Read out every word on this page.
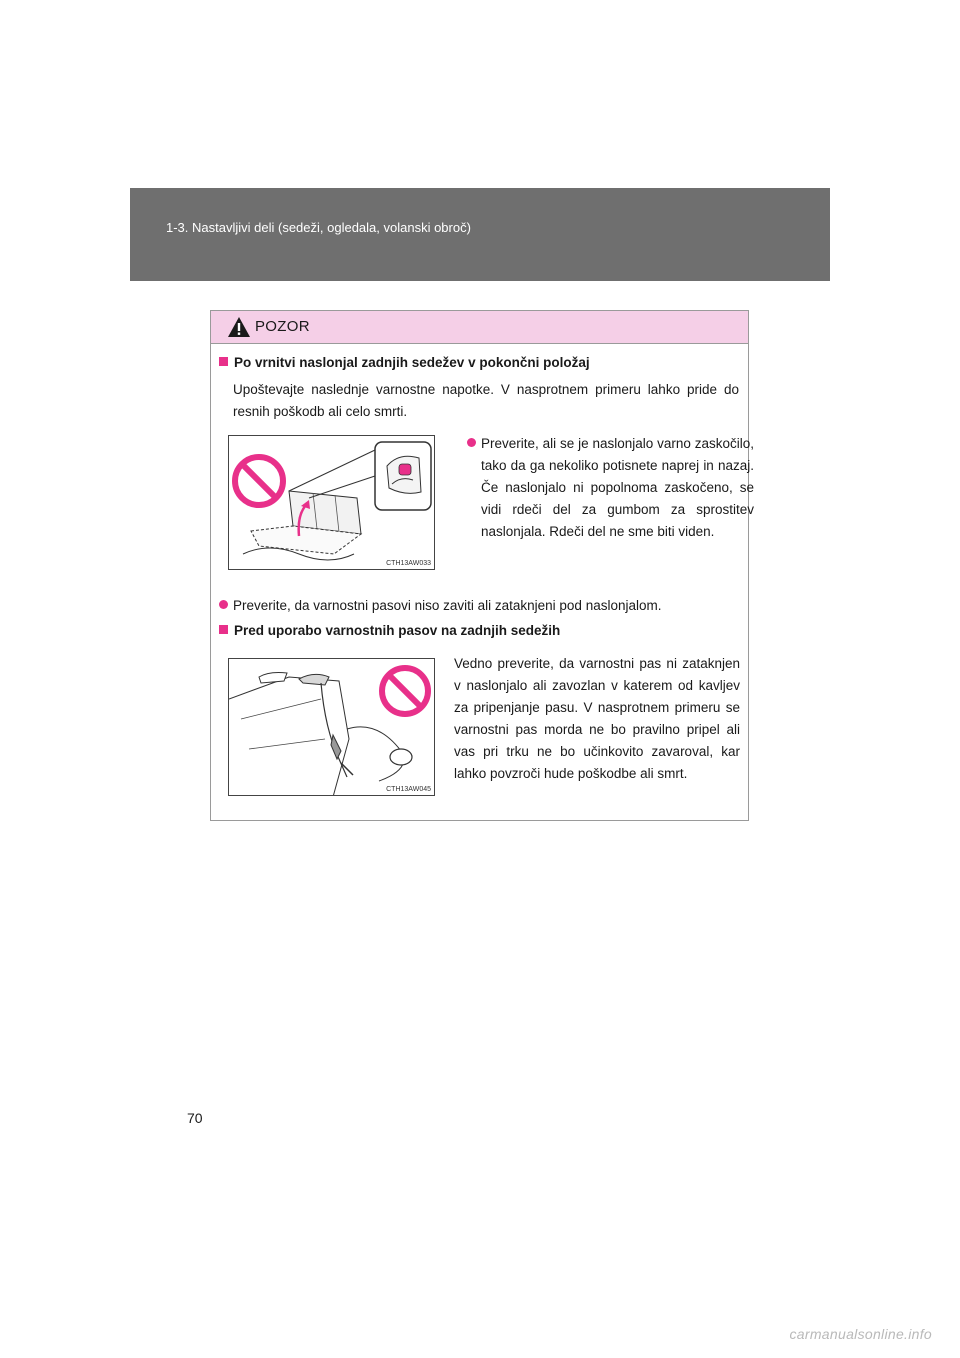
1-3. Nastavljivi deli (sedeži, ogledala, volanski obroč)
POZOR
Po vrnitvi naslonjal zadnjih sedežev v pokončni položaj
Upoštevajte naslednje varnostne napotke. V nasprotnem primeru lahko pride do resnih poškodb ali celo smrti.
CTH13AW033
Preverite, ali se je naslonjalo varno zaskočilo, tako da ga nekoliko potisnete naprej in nazaj. Če naslonjalo ni popolnoma zaskočeno, se vidi rdeči del za gumbom za sprostitev naslonjala. Rdeči del ne sme biti viden.
Preverite, da varnostni pasovi niso zaviti ali zataknjeni pod naslonjalom.
Pred uporabo varnostnih pasov na zadnjih sedežih
CTH13AW045
Vedno preverite, da varnostni pas ni zataknjen v naslonjalo ali zavozlan v katerem od kavljev za pripenjanje pasu. V nasprotnem primeru se varnostni pas morda ne bo pravilno pripel ali vas pri trku ne bo učinkovito zavaroval, kar lahko povzroči hude poškodbe ali smrt.
70
carmanualsonline.info
